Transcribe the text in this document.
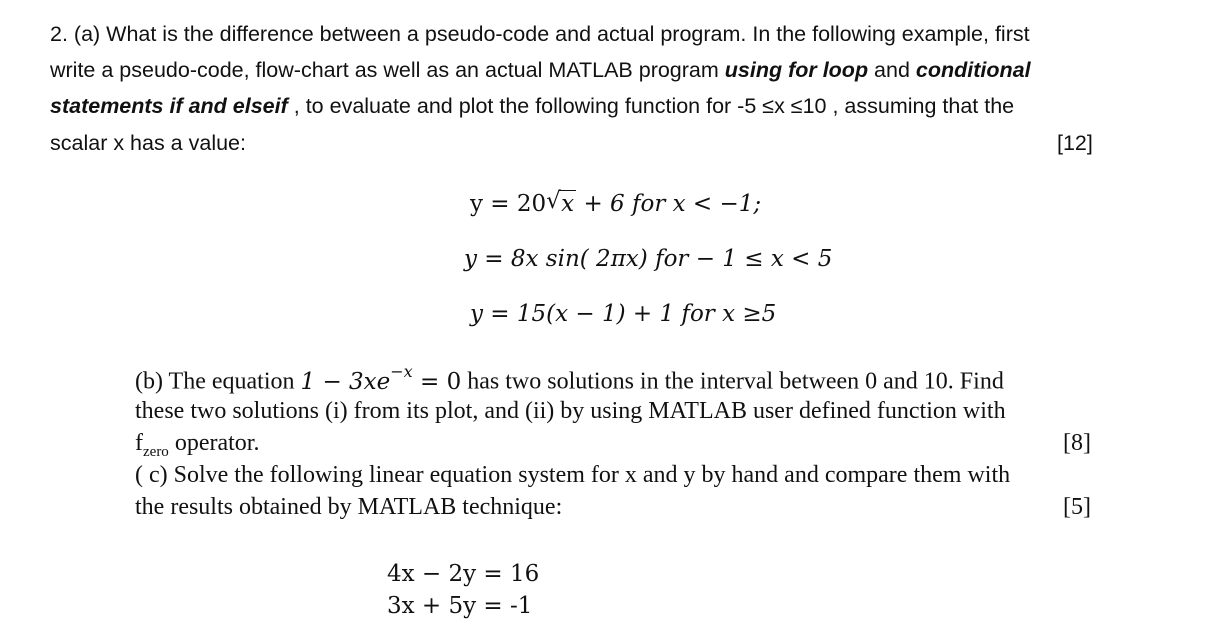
2. (a) What is the difference between a pseudo-code and actual program. In the following example, first
write a pseudo-code, flow-chart as well as an actual MATLAB program using for loop and conditional
statements if and elseif , to evaluate and plot the following function for -5 ≤x ≤10 , assuming that the
scalar x has a value:	[12]
y = 20 √ x + 6 for x < −1;
y = 8x sin( 2πx) for − 1 ≤ x < 5
y = 15(x − 1) + 1 for x ≥5
(b) The equation $1 - 3xe^{-x} = 0$ has two solutions in the interval between 0 and 10. Find
these two solutions (i) from its plot, and (ii) by using MATLAB user defined function with
$f_{zero}$ operator.	[8]
( c) Solve the following linear equation system for x and y by hand and compare them with
the results obtained by MATLAB technique:	[5]
4x − 2y = 16
3x + 5y = -1
